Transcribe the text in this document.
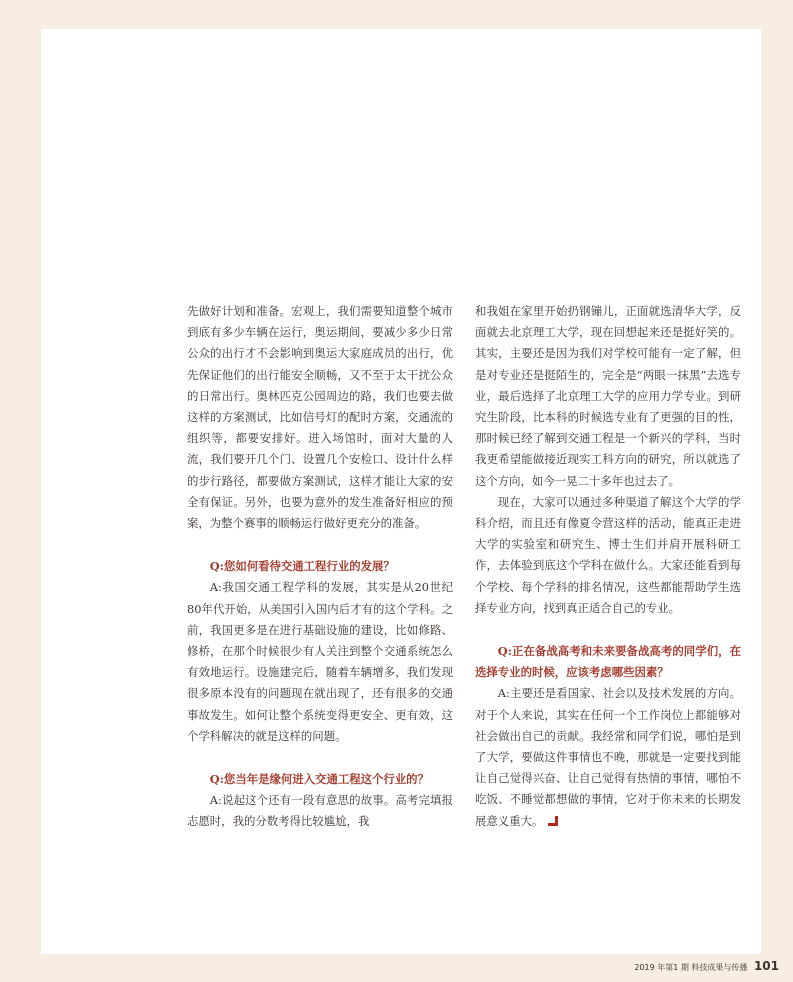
先做好计划和准备。宏观上，我们需要知道整个城市到底有多少车辆在运行，奥运期间，要减少多少日常公众的出行才不会影响到奥运大家庭成员的出行，优先保证他们的出行能安全顺畅，又不至于太干扰公众的日常出行。奥林匹克公园周边的路，我们也要去做这样的方案测试，比如信号灯的配时方案，交通流的组织等，都要安排好。进入场馆时，面对大量的人流，我们要开几个门、设置几个安检口、设计什么样的步行路径，都要做方案测试，这样才能让大家的安全有保证。另外，也要为意外的发生准备好相应的预案，为整个赛事的顺畅运行做好更充分的准备。

Q:您如何看待交通工程行业的发展？

A:我国交通工程学科的发展，其实是从20世纪80年代开始，从美国引入国内后才有的这个学科。之前，我国更多是在进行基础设施的建设，比如修路、修桥，在那个时候很少有人关注到整个交通系统怎么有效地运行。设施建完后，随着车辆增多，我们发现很多原本没有的问题现在就出现了，还有很多的交通事故发生。如何让整个系统变得更安全、更有效，这个学科解决的就是这样的问题。

Q:您当年是缘何进入交通工程这个行业的？

A:说起这个还有一段有意思的故事。高考完填报志愿时，我的分数考得比较尴尬，我

和我姐在家里开始扔钢镚儿，正面就选清华大学，反面就去北京理工大学，现在回想起来还是挺好笑的。其实，主要还是因为我们对学校可能有一定了解，但是对专业还是挺陌生的，完全是“两眼一抹黑”去选专业，最后选择了北京理工大学的应用力学专业。到研究生阶段，比本科的时候选专业有了更强的目的性，那时候已经了解到交通工程是一个新兴的学科，当时我更希望能做接近现实工科方向的研究，所以就选了这个方向，如今一晃二十多年也过去了。

现在，大家可以通过多种渠道了解这个大学的学科介绍，而且还有像夏令营这样的活动，能真正走进大学的实验室和研究生、博士生们并肩开展科研工作，去体验到底这个学科在做什么。大家还能看到每个学校、每个学科的排名情况，这些都能帮助学生选择专业方向，找到真正适合自己的专业。

Q:正在备战高考和未来要备战高考的同学们，在选择专业的时候，应该考虑哪些因素？

A:主要还是看国家、社会以及技术发展的方向。对于个人来说，其实在任何一个工作岗位上都能够对社会做出自己的贡献。我经常和同学们说，哪怕是到了大学，要做这件事情也不晚，那就是一定要找到能让自己觉得兴奋、让自己觉得有热情的事情，哪怕不吃饭、不睡觉都想做的事情，它对于你未来的长期发展意义重大。

2019 年第1 期 科技成果与传播 101
